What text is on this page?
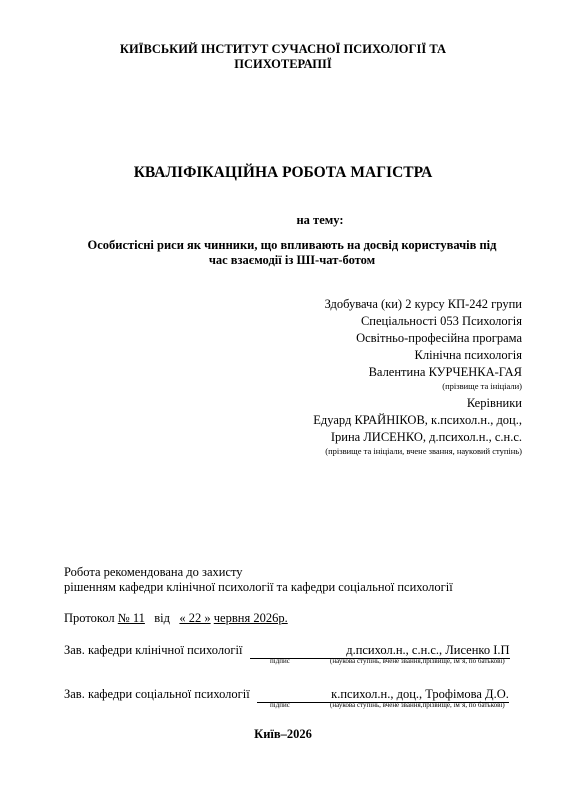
КИЇВСЬКИЙ ІНСТИТУТ СУЧАСНОЇ ПСИХОЛОГІЇ ТА
ПСИХОТЕРАПІЇ
КВАЛІФІКАЦІЙНА РОБОТА МАГІСТРА
на тему:
Особистісні риси як чинники, що впливають на досвід користувачів під
час взаємодії із ШІ-чат-ботом
Здобувача (ки) 2 курсу КП-242 групи
Спеціальності 053 Психологія
Освітньо-професійна програма
Клінічна психологія
Валентина КУРЧЕНКА-ГАЯ
(прізвище та ініціали)
Керівники
Едуард КРАЙНІКОВ, к.психол.н., доц.,
Ірина ЛИСЕНКО, д.психол.н., с.н.с.
(прізвище та ініціали, вчене звання, науковий ступінь)
Робота рекомендована до захисту
рішенням кафедри клінічної психології та кафедри соціальної психології
Протокол № 11 від « 22 » червня 2026р.
Зав. кафедри клінічної психології	д.психол.н., с.н.с., Лисенко І.П
підпис	(наукова ступінь, вчене звання,прізвище, ім’я, по батькові)
Зав. кафедри соціальної психології	к.психол.н., доц., Трофімова Д.О.
підпис	(наукова ступінь, вчене звання,прізвище, ім’я, по батькові)
Київ–2026
